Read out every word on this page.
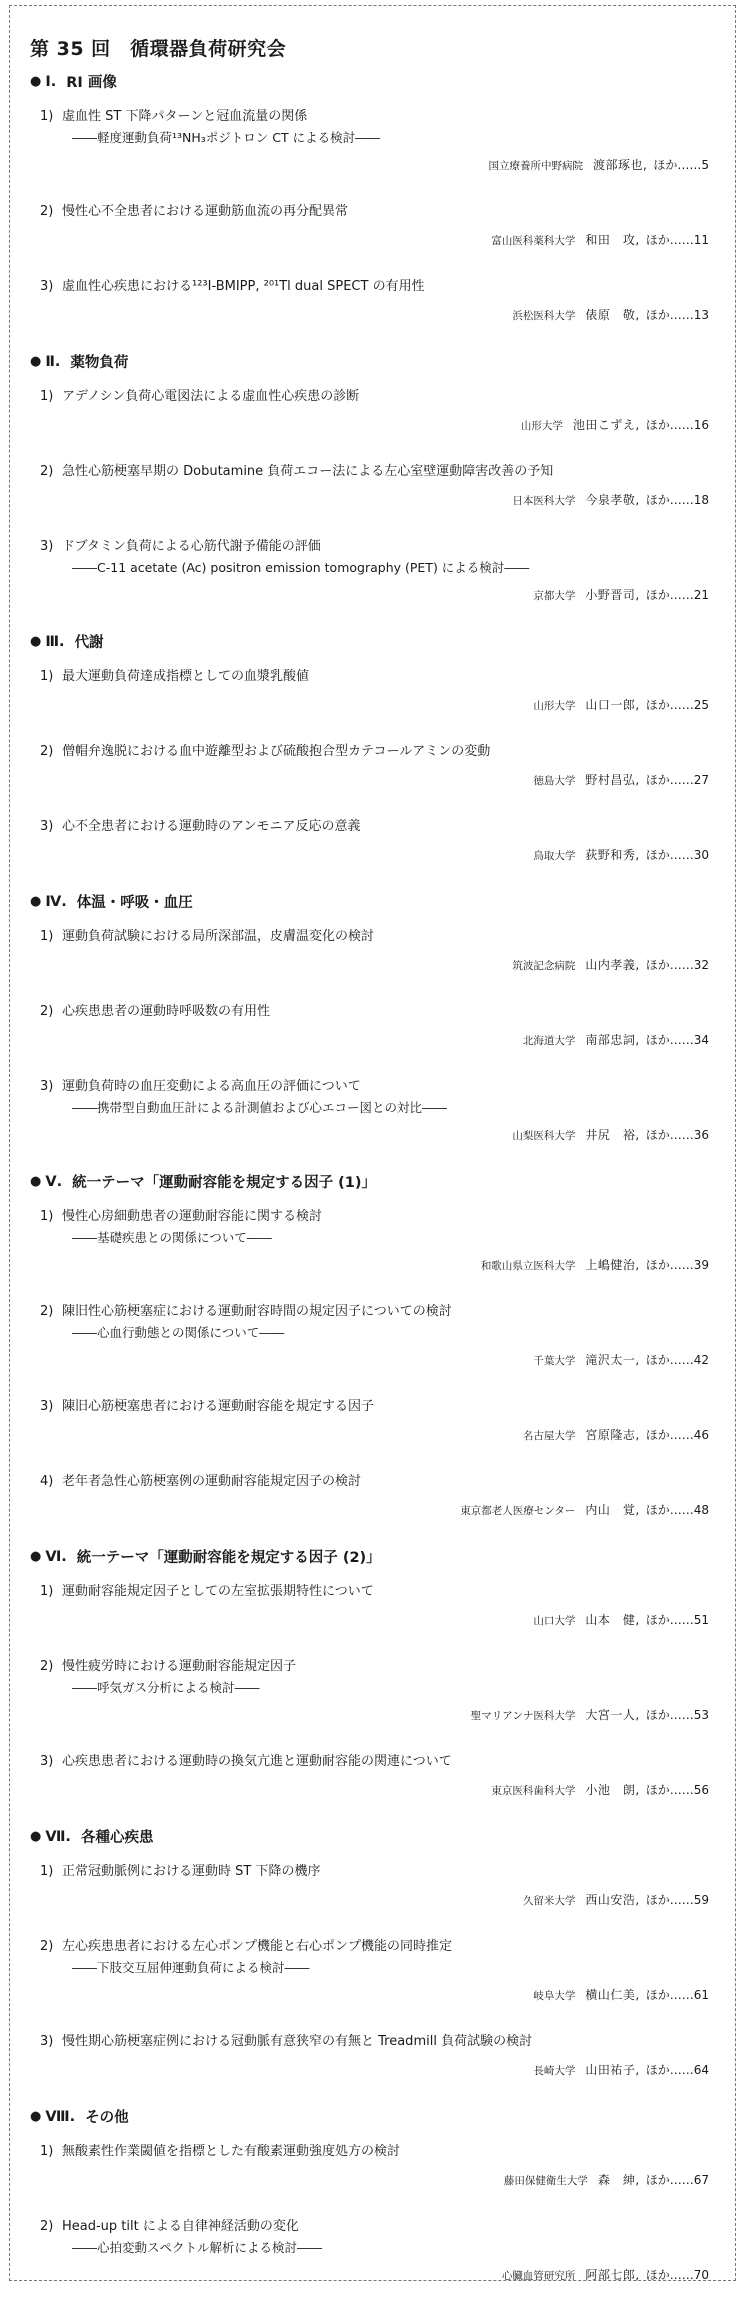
第 35 回　循環器負荷研究会
● Ⅰ. RI 画像
1) 虚血性 ST 下降パターンと冠血流量の関係
――軽度運動負荷¹³NH₃ポジトロン CT による検討――
国立療養所中野病院 渡部琢也, ほか……5
2) 慢性心不全患者における運動筋血流の再分配異常
富山医科薬科大学 和田　攻, ほか……11
3) 虚血性心疾患における¹²³I-BMIPP, ²⁰¹Tl dual SPECT の有用性
浜松医科大学 俵原　敬, ほか……13
● Ⅱ. 薬物負荷
1) アデノシン負荷心電図法による虚血性心疾患の診断
山形大学 池田こずえ, ほか……16
2) 急性心筋梗塞早期の Dobutamine 負荷エコー法による左心室壁運動障害改善の予知
日本医科大学 今泉孝敬, ほか……18
3) ドブタミン負荷による心筋代謝予備能の評価
――C-11 acetate (Ac) positron emission tomography (PET) による検討――
京都大学 小野晋司, ほか……21
● Ⅲ. 代謝
1) 最大運動負荷達成指標としての血漿乳酸値
山形大学 山口一郎, ほか……25
2) 僧帽弁逸脱における血中遊離型および硫酸抱合型カテコールアミンの変動
徳島大学 野村昌弘, ほか……27
3) 心不全患者における運動時のアンモニア反応の意義
鳥取大学 荻野和秀, ほか……30
● Ⅳ. 体温・呼吸・血圧
1) 運動負荷試験における局所深部温，皮膚温変化の検討
筑波記念病院 山内孝義, ほか……32
2) 心疾患患者の運動時呼吸数の有用性
北海道大学 南部忠詞, ほか……34
3) 運動負荷時の血圧変動による高血圧の評価について
――携帯型自動血圧計による計測値および心エコー図との対比――
山梨医科大学 井尻　裕, ほか……36
● Ⅴ. 統一テーマ「運動耐容能を規定する因子 (1)」
1) 慢性心房細動患者の運動耐容能に関する検討
――基礎疾患との関係について――
和歌山県立医科大学 上嶋健治, ほか……39
2) 陳旧性心筋梗塞症における運動耐容時間の規定因子についての検討
――心血行動態との関係について――
千葉大学 滝沢太一, ほか……42
3) 陳旧心筋梗塞患者における運動耐容能を規定する因子
名古屋大学 宮原隆志, ほか……46
4) 老年者急性心筋梗塞例の運動耐容能規定因子の検討
東京都老人医療センター 内山　覚, ほか……48
● Ⅵ. 統一テーマ「運動耐容能を規定する因子 (2)」
1) 運動耐容能規定因子としての左室拡張期特性について
山口大学 山本　健, ほか……51
2) 慢性疲労時における運動耐容能規定因子
――呼気ガス分析による検討――
聖マリアンナ医科大学 大宮一人, ほか……53
3) 心疾患患者における運動時の換気亢進と運動耐容能の関連について
東京医科歯科大学 小池　朗, ほか……56
● Ⅶ. 各種心疾患
1) 正常冠動脈例における運動時 ST 下降の機序
久留米大学 西山安浩, ほか……59
2) 左心疾患患者における左心ポンプ機能と右心ポンプ機能の同時推定
――下肢交互屈伸運動負荷による検討――
岐阜大学 横山仁美, ほか……61
3) 慢性期心筋梗塞症例における冠動脈有意狭窄の有無と Treadmill 負荷試験の検討
長崎大学 山田祐子, ほか……64
● Ⅷ. その他
1) 無酸素性作業閾値を指標とした有酸素運動強度処方の検討
藤田保健衛生大学 森　紳, ほか……67
2) Head-up tilt による自律神経活動の変化
――心拍変動スペクトル解析による検討――
心臓血管研究所 阿部七郎, ほか……70
